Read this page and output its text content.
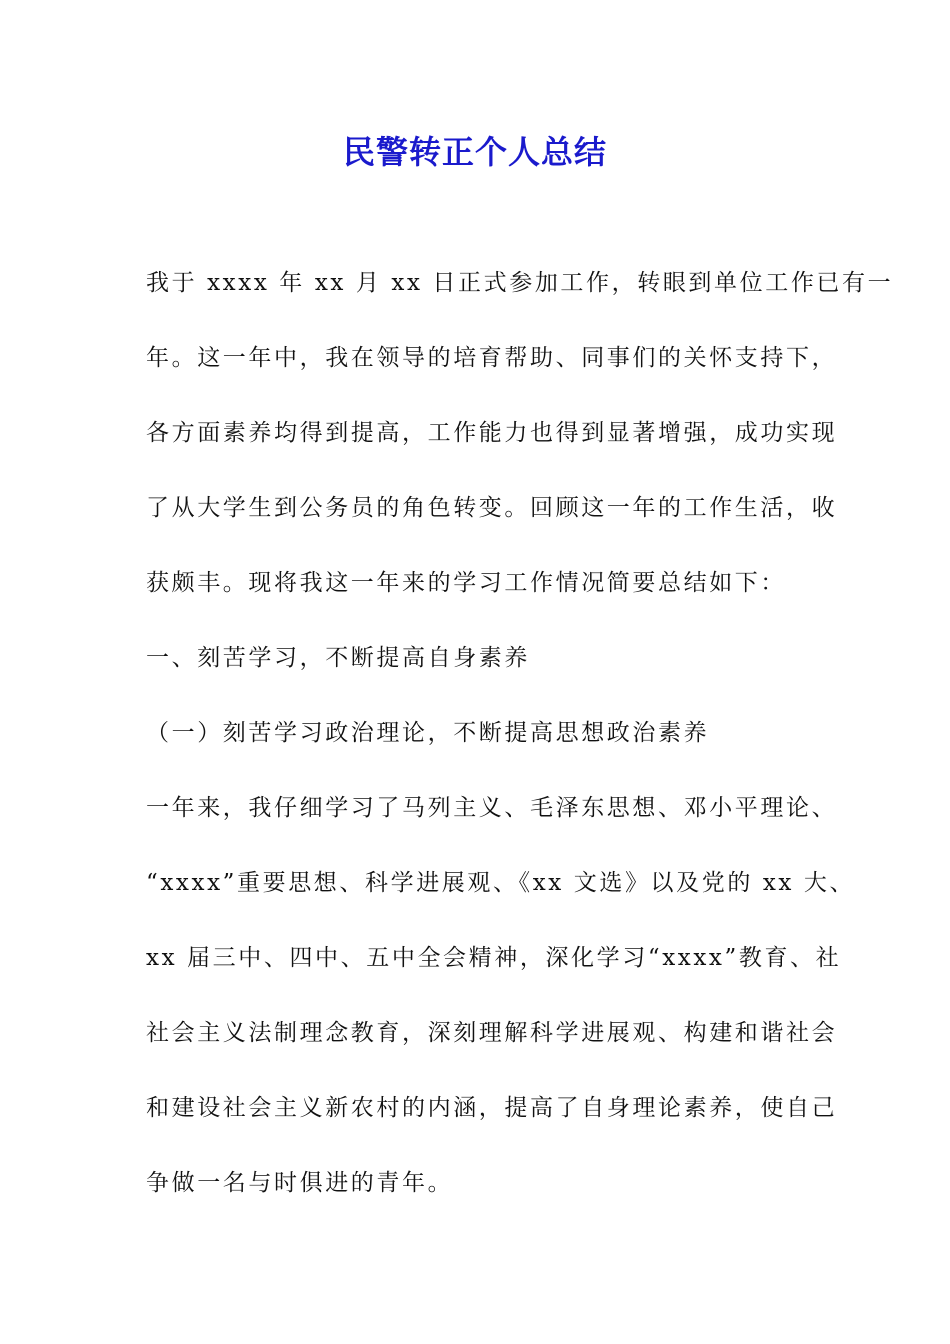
民警转正个人总结

我于 xxxx 年 xx 月 xx 日正式参加工作，转眼到单位工作已有一

年。这一年中，我在领导的培育帮助、同事们的关怀支持下，

各方面素养均得到提高，工作能力也得到显著增强，成功实现

了从大学生到公务员的角色转变。回顾这一年的工作生活，收

获颇丰。现将我这一年来的学习工作情况简要总结如下：

一、刻苦学习，不断提高自身素养

（一）刻苦学习政治理论，不断提高思想政治素养

一年来，我仔细学习了马列主义、毛泽东思想、邓小平理论、

“xxxx”重要思想、科学进展观、《xx 文选》以及党的 xx 大、

xx 届三中、四中、五中全会精神，深化学习“xxxx”教育、社

社会主义法制理念教育，深刻理解科学进展观、构建和谐社会

和建设社会主义新农村的内涵，提高了自身理论素养，使自己

争做一名与时俱进的青年。
